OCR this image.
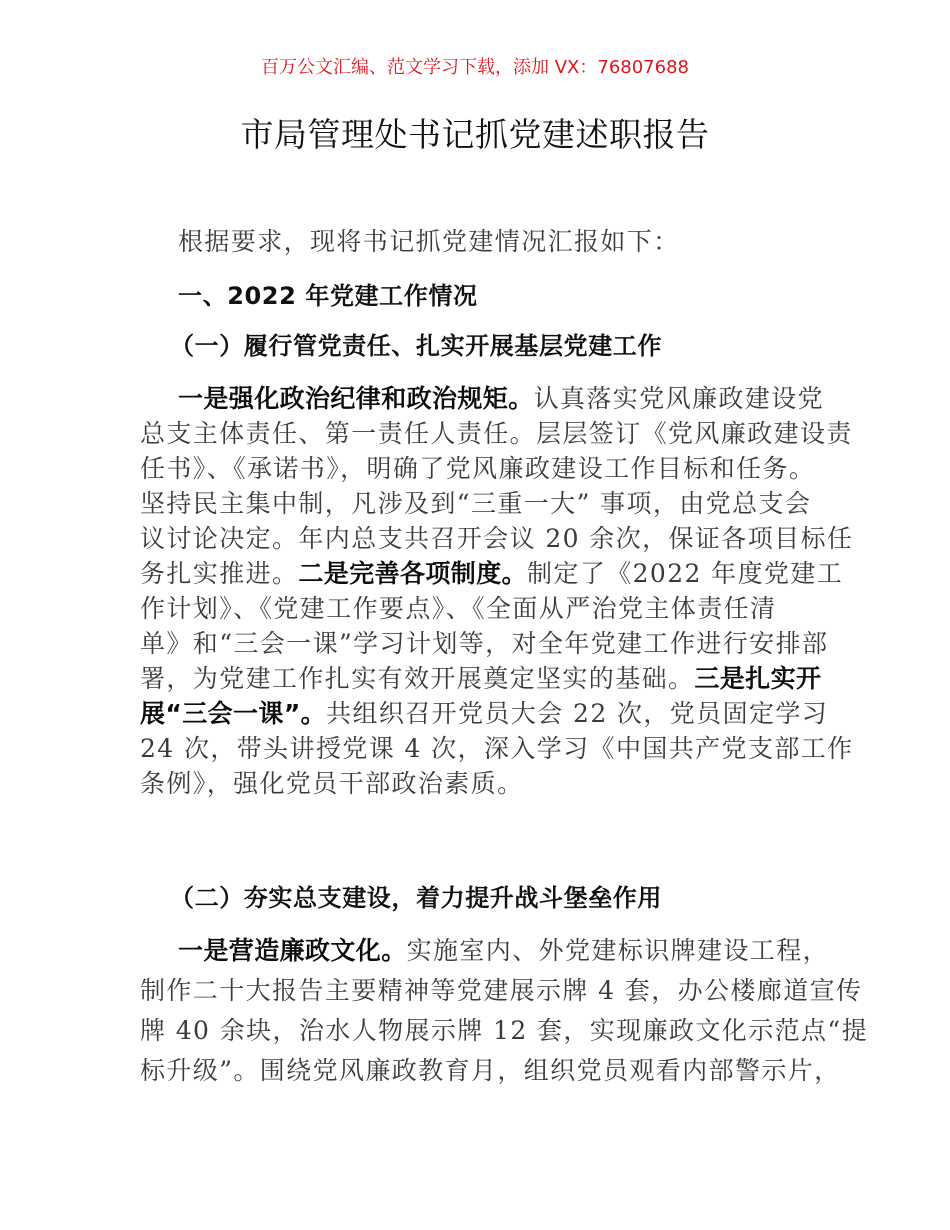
百万公文汇编、范文学习下载，添加 VX：76807688
市局管理处书记抓党建述职报告
根据要求，现将书记抓党建情况汇报如下：
一、2022 年党建工作情况
（一）履行管党责任、扎实开展基层党建工作
一是强化政治纪律和政治规矩。认真落实党风廉政建设党
总支主体责任、第一责任人责任。层层签订《党风廉政建设责
任书》、《承诺书》，明确了党风廉政建设工作目标和任务。
坚持民主集中制，凡涉及到“三重一大” 事项，由党总支会
议讨论决定。年内总支共召开会议 20 余次，保证各项目标任
务扎实推进。二是完善各项制度。制定了《2022 年度党建工
作计划》、《党建工作要点》、《全面从严治党主体责任清
单》和“三会一课”学习计划等，对全年党建工作进行安排部
署，为党建工作扎实有效开展奠定坚实的基础。三是扎实开
展“三会一课”。共组织召开党员大会 22 次，党员固定学习
24 次，带头讲授党课 4 次，深入学习《中国共产党支部工作
条例》，强化党员干部政治素质。
（二）夯实总支建设，着力提升战斗堡垒作用
一是营造廉政文化。实施室内、外党建标识牌建设工程，
制作二十大报告主要精神等党建展示牌 4 套，办公楼廊道宣传
牌 40 余块，治水人物展示牌 12 套，实现廉政文化示范点“提
标升级”。围绕党风廉政教育月，组织党员观看内部警示片，
